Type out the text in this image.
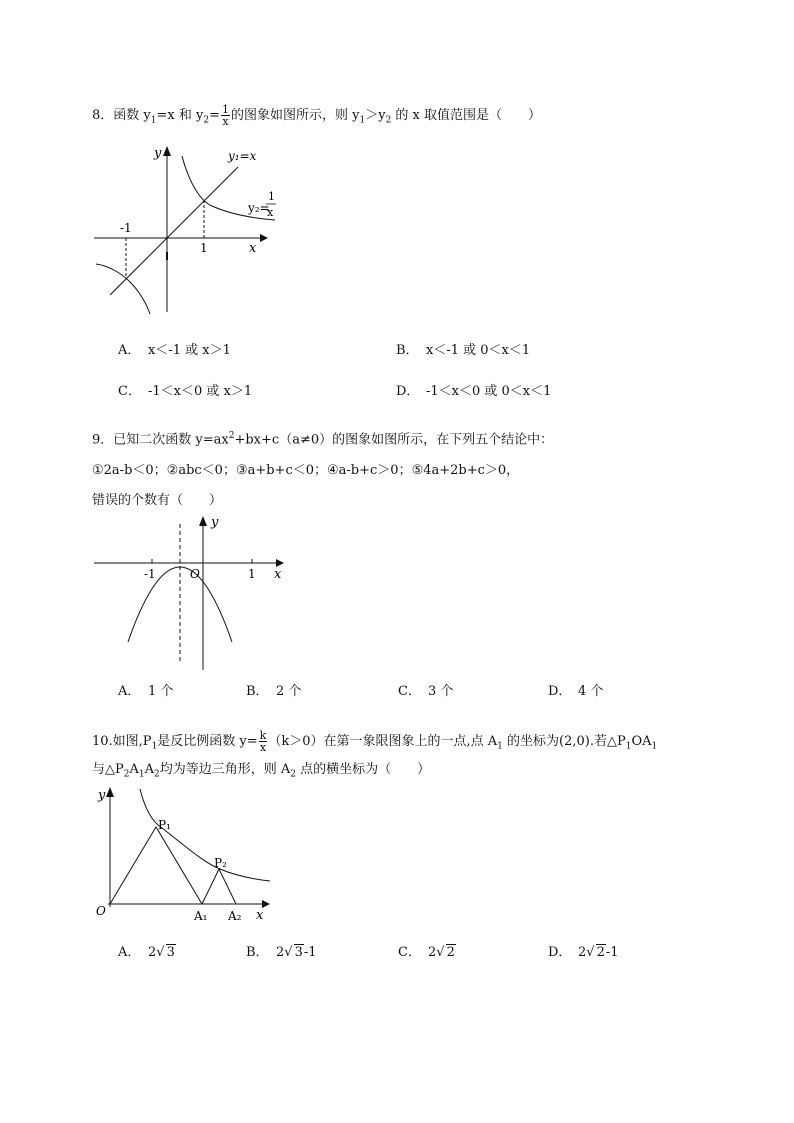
8．函数 $y_1=x$ 和 $y_2= \frac{1}{x}$ 的图象如图所示，则 $y_1>y_2$ 的 x 取值范围是（　　）
y
x
-1
1
y₁=x
y₂=
1
x
A． x＜-1 或 x＞1	B． x＜-1 或 0＜x＜1
C． -1＜x＜0 或 x＞1	D． -1＜x＜0 或 0＜x＜1
9．已知二次函数 $y=ax^2+bx+c(a\ne 0)$的图象如图所示，在下列五个结论中：
①2a-b＜0；②abc＜0；③a+b+c＜0；④a-b+c＞0；⑤4a+2b+c＞0，
错误的个数有（　　）
y
x
O
-1	1
A． 1 个	B． 2 个	C． 3 个	D． 4 个
10.如图$,P_1$是反比例函数 $y= \frac{k}{x} (k>0)$在第一象限图象上的一点,点 $A_1$ 的坐标为(2,0).若$\triangle P_1OA_1$
与$\triangle P_2A_1A_2$均为等边三角形，则 $A_2$ 点的横坐标为（　　）
y
x
O
P₁
P₂
A₁ A₂
A． 2√ 3	B． 2√ 3-1	C． 2√ 2	D． 2√ 2-1
